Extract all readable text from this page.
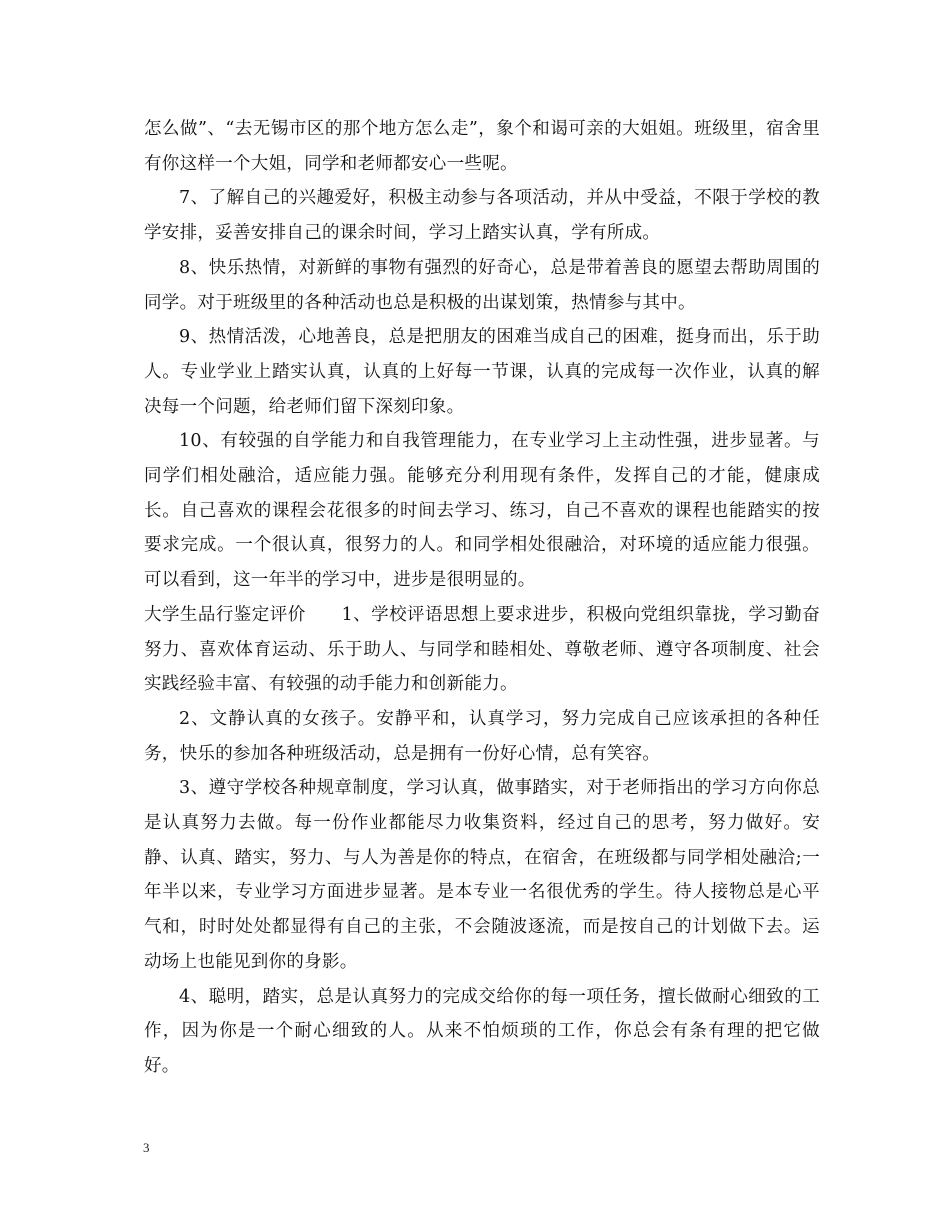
怎么做”、“去无锡市区的那个地方怎么走”，象个和谒可亲的大姐姐。班级里，宿舍里有你这样一个大姐，同学和老师都安心一些呢。

7、了解自己的兴趣爱好，积极主动参与各项活动，并从中受益，不限于学校的教学安排，妥善安排自己的课余时间，学习上踏实认真，学有所成。

8、快乐热情，对新鲜的事物有强烈的好奇心，总是带着善良的愿望去帮助周围的同学。对于班级里的各种活动也总是积极的出谋划策，热情参与其中。

9、热情活泼，心地善良，总是把朋友的困难当成自己的困难，挺身而出，乐于助人。专业学业上踏实认真，认真的上好每一节课，认真的完成每一次作业，认真的解决每一个问题，给老师们留下深刻印象。

10、有较强的自学能力和自我管理能力，在专业学习上主动性强，进步显著。与同学们相处融洽，适应能力强。能够充分利用现有条件，发挥自己的才能，健康成长。自己喜欢的课程会花很多的时间去学习、练习，自己不喜欢的课程也能踏实的按要求完成。一个很认真，很努力的人。和同学相处很融洽，对环境的适应能力很强。可以看到，这一年半的学习中，进步是很明显的。

大学生品行鉴定评价　　1、学校评语思想上要求进步，积极向党组织靠拢，学习勤奋努力、喜欢体育运动、乐于助人、与同学和睦相处、尊敬老师、遵守各项制度、社会实践经验丰富、有较强的动手能力和创新能力。

2、文静认真的女孩子。安静平和，认真学习，努力完成自己应该承担的各种任务，快乐的参加各种班级活动，总是拥有一份好心情，总有笑容。

3、遵守学校各种规章制度，学习认真，做事踏实，对于老师指出的学习方向你总是认真努力去做。每一份作业都能尽力收集资料，经过自己的思考，努力做好。安静、认真、踏实，努力、与人为善是你的特点，在宿舍，在班级都与同学相处融洽;一年半以来，专业学习方面进步显著。是本专业一名很优秀的学生。待人接物总是心平气和，时时处处都显得有自己的主张，不会随波逐流，而是按自己的计划做下去。运动场上也能见到你的身影。

4、聪明，踏实，总是认真努力的完成交给你的每一项任务，擅长做耐心细致的工作，因为你是一个耐心细致的人。从来不怕烦琐的工作，你总会有条有理的把它做好。

3
